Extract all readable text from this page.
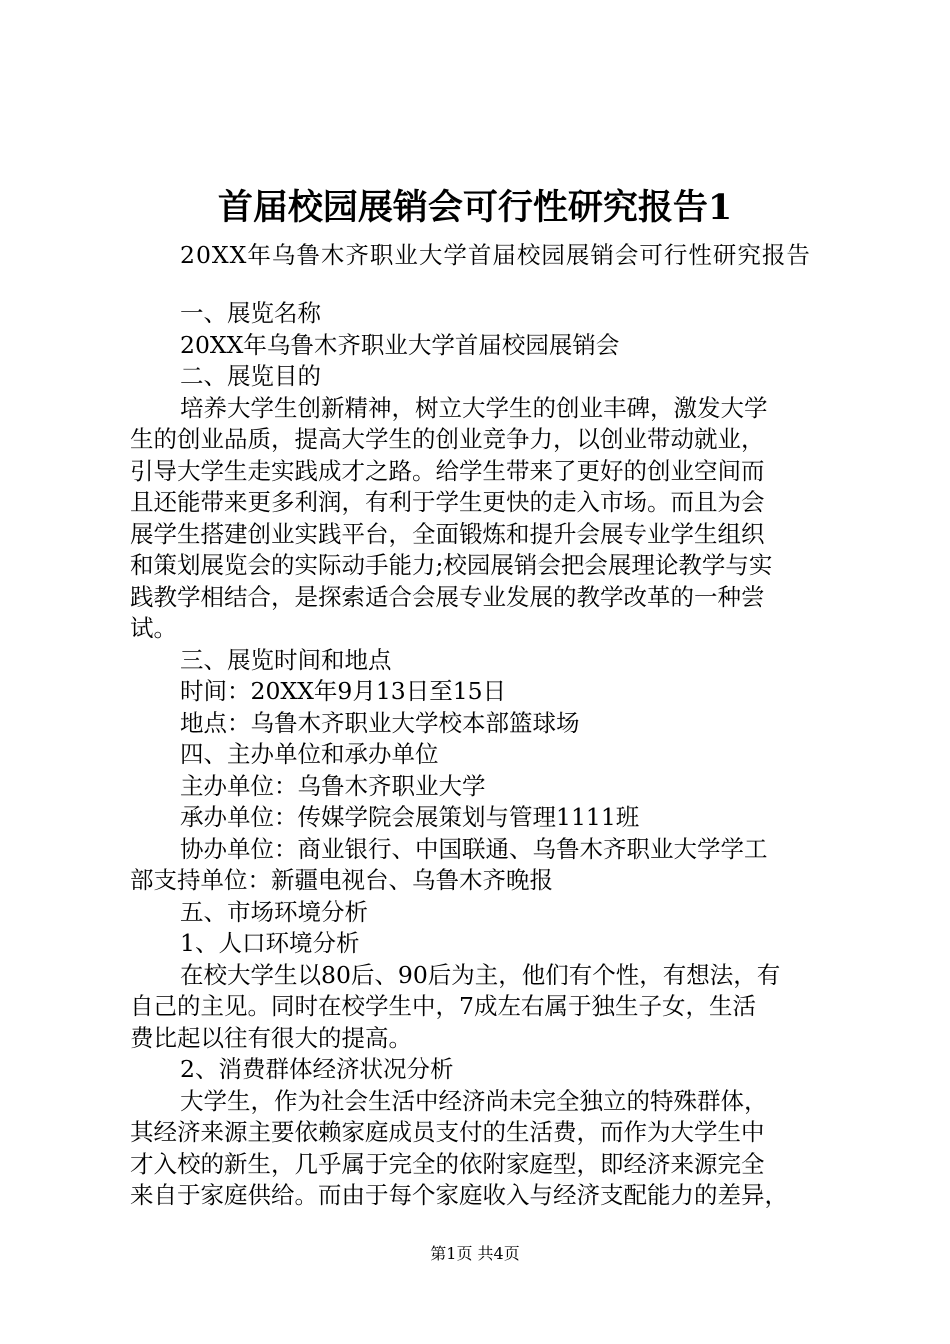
首届校园展销会可行性研究报告1
20XX年乌鲁木齐职业大学首届校园展销会可行性研究报告
一、展览名称
20XX年乌鲁木齐职业大学首届校园展销会
二、展览目的
培养大学生创新精神，树立大学生的创业丰碑，激发大学
生的创业品质，提高大学生的创业竞争力，以创业带动就业，
引导大学生走实践成才之路。给学生带来了更好的创业空间而
且还能带来更多利润，有利于学生更快的走入市场。而且为会
展学生搭建创业实践平台，全面锻炼和提升会展专业学生组织
和策划展览会的实际动手能力;校园展销会把会展理论教学与实
践教学相结合，是探索适合会展专业发展的教学改革的一种尝
试。
三、展览时间和地点
时间：20XX年9月13日至15日
地点：乌鲁木齐职业大学校本部篮球场
四、主办单位和承办单位
主办单位：乌鲁木齐职业大学
承办单位：传媒学院会展策划与管理1111班
协办单位：商业银行、中国联通、乌鲁木齐职业大学学工
部支持单位：新疆电视台、乌鲁木齐晚报
五、市场环境分析
1、人口环境分析
在校大学生以80后、90后为主，他们有个性，有想法，有
自己的主见。同时在校学生中，7成左右属于独生子女，生活
费比起以往有很大的提高。
2、消费群体经济状况分析
大学生，作为社会生活中经济尚未完全独立的特殊群体，
其经济来源主要依赖家庭成员支付的生活费，而作为大学生中
才入校的新生，几乎属于完全的依附家庭型，即经济来源完全
来自于家庭供给。而由于每个家庭收入与经济支配能力的差异，
第1页 共4页
